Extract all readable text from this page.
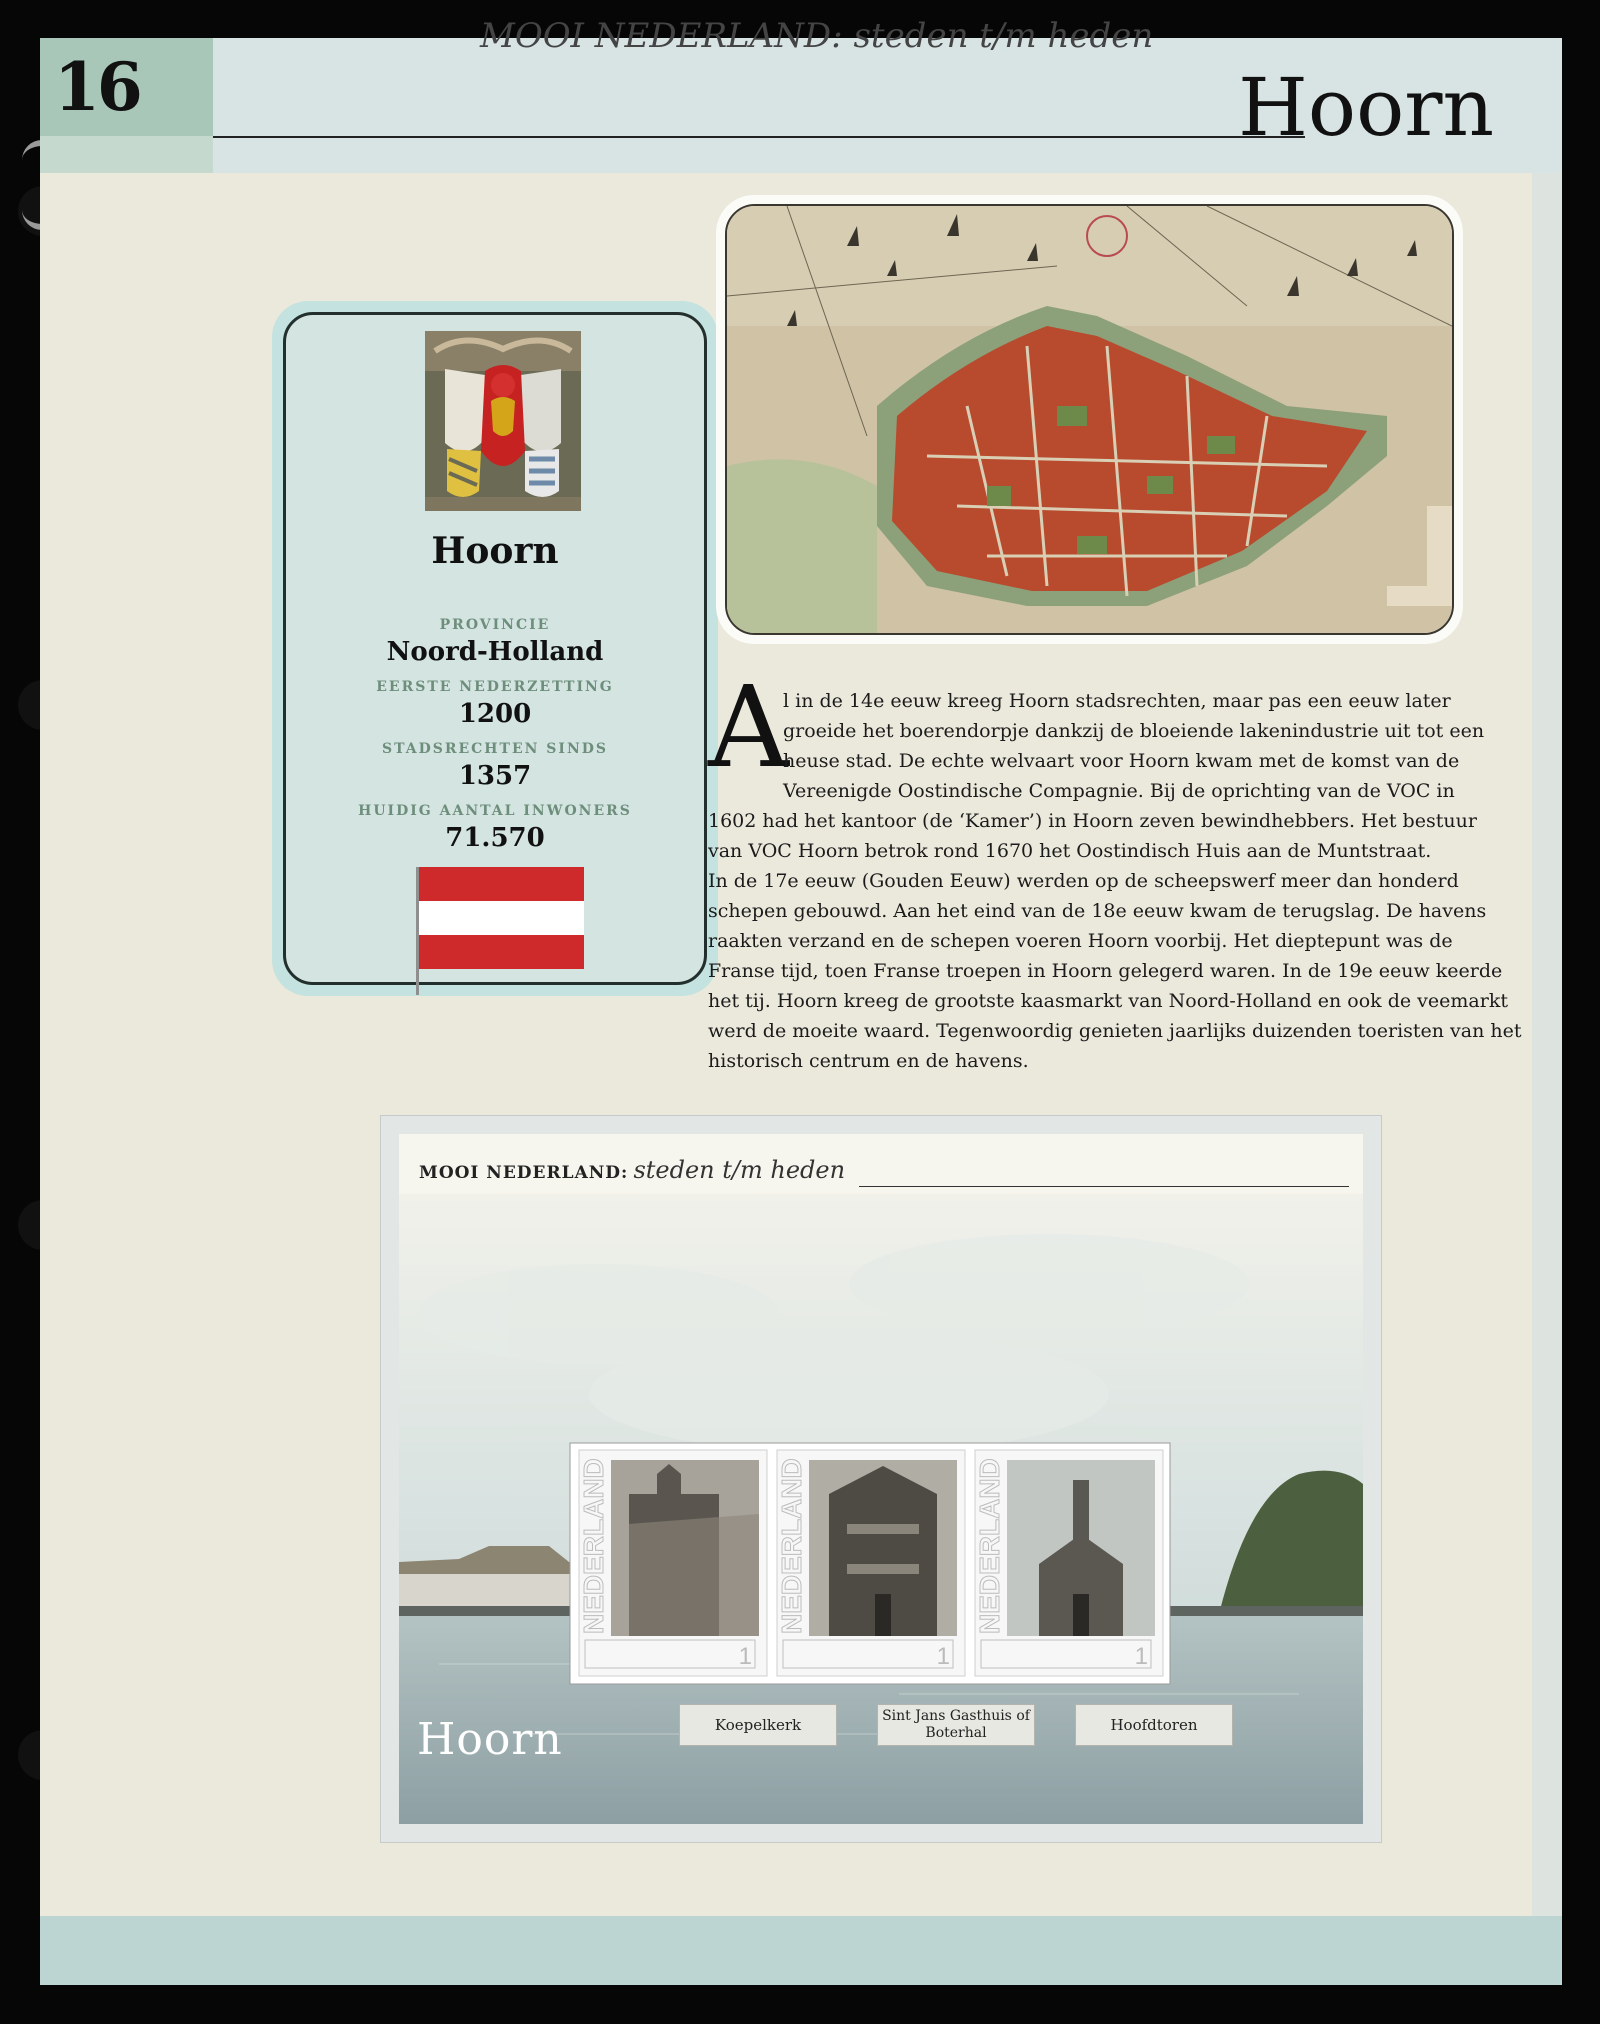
MOOI NEDERLAND: steden t/m heden
16	Hoorn
Hoorn
PROVINCIE
Noord-Holland
EERSTE NEDERZETTING
1200
STADSRECHTEN SINDS
1357
HUIDIG AANTAL INWONERS
71.570
A
l in de 14e eeuw kreeg Hoorn stadsrechten, maar pas een eeuw later
groeide het boerendorpje dankzij de bloeiende lakenindustrie uit tot een
heuse stad. De echte welvaart voor Hoorn kwam met de komst van de
Vereenigde Oostindische Compagnie. Bij de oprichting van de VOC in
1602 had het kantoor (de ‘Kamer’) in Hoorn zeven bewindhebbers. Het bestuur
van VOC Hoorn betrok rond 1670 het Oostindisch Huis aan de Muntstraat.
In de 17e eeuw (Gouden Eeuw) werden op de scheepswerf meer dan honderd
schepen gebouwd. Aan het eind van de 18e eeuw kwam de terugslag. De havens
raakten verzand en de schepen voeren Hoorn voorbij. Het dieptepunt was de
Franse tijd, toen Franse troepen in Hoorn gelegerd waren. In de 19e eeuw keerde
het tij. Hoorn kreeg de grootste kaasmarkt van Noord-Holland en ook de veemarkt
werd de moeite waard. Tegenwoordig genieten jaarlijks duizenden toeristen van het
historisch centrum en de havens.
MOOI NEDERLAND: steden t/m heden
1
NEDERLAND
1
NEDERLAND
1
NEDERLAND
Koepelkerk	Sint Jans Gasthuis of Boterhal	Hoofdtoren
Hoorn
